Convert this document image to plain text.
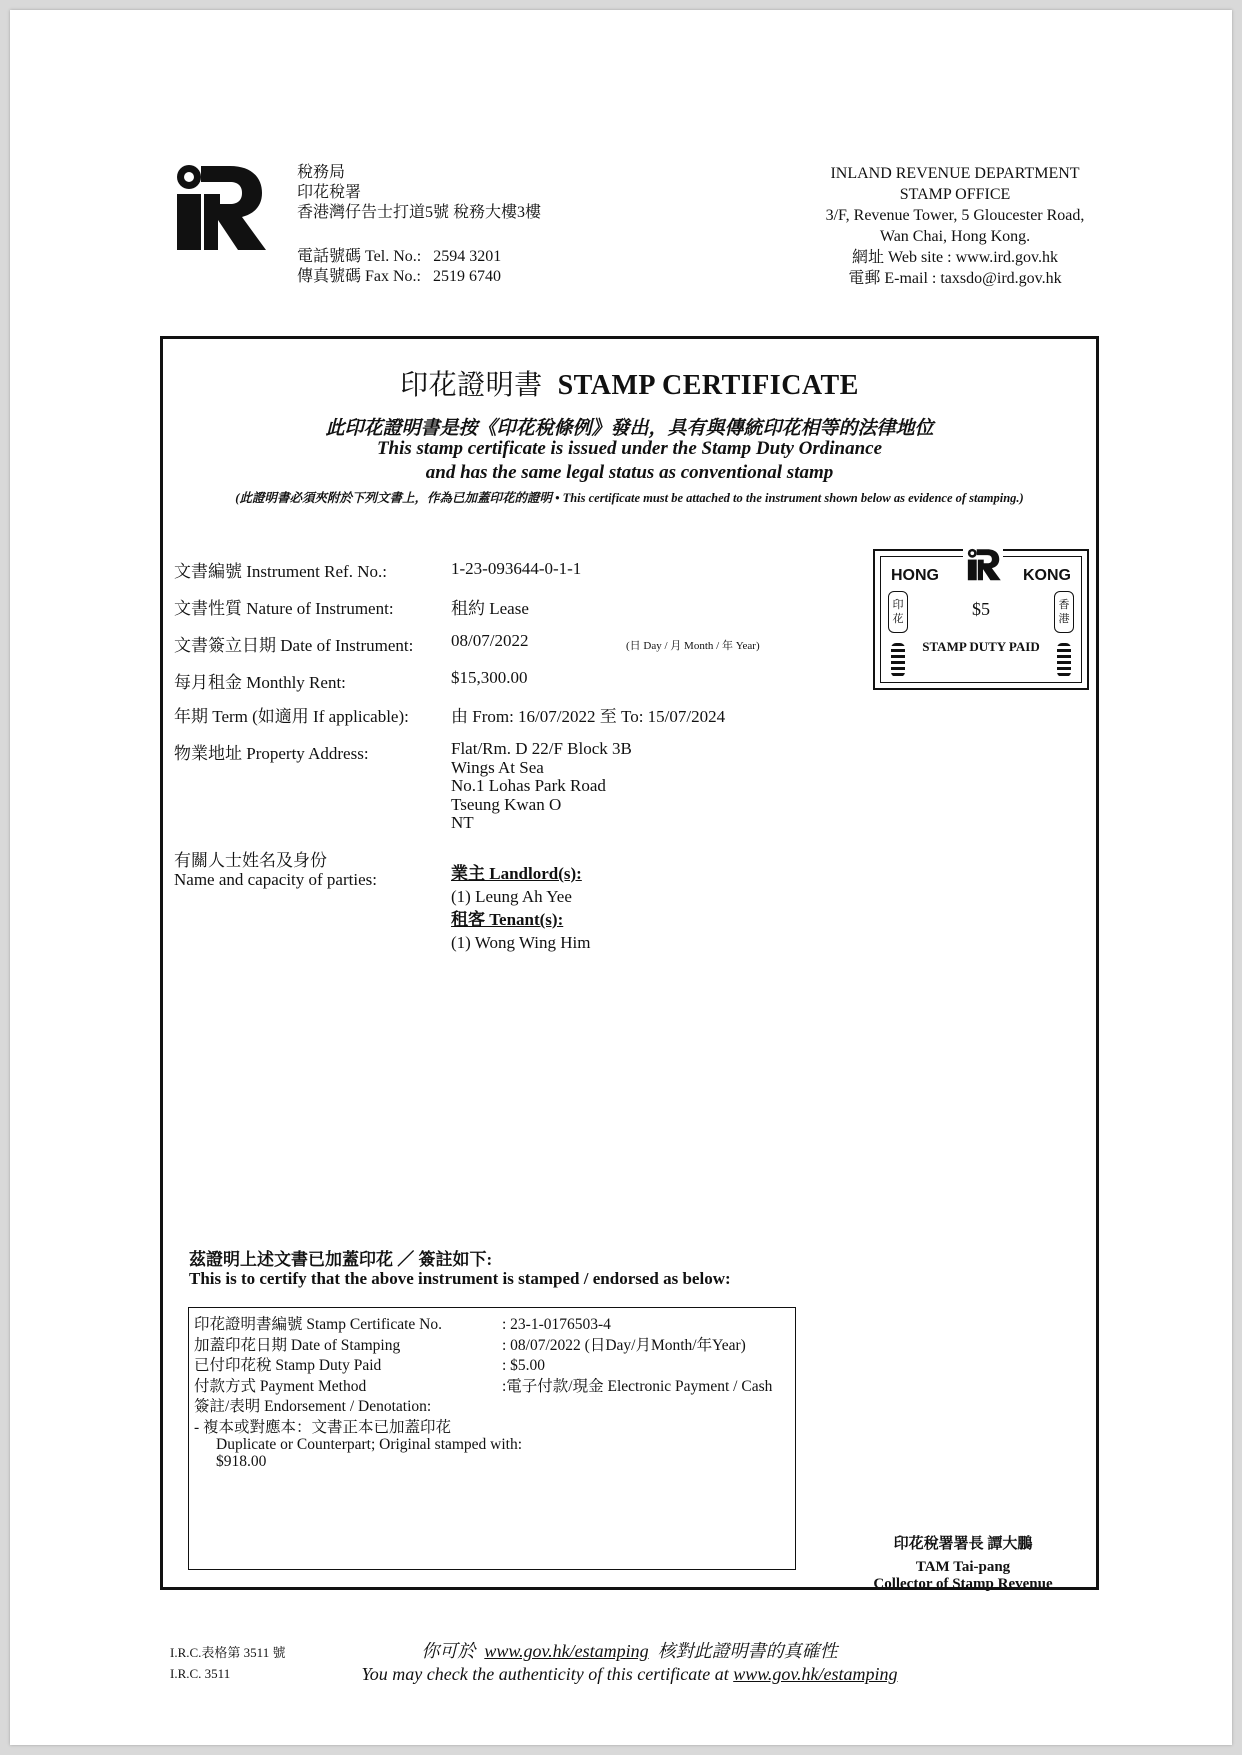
稅務局
印花稅署
香港灣仔告士打道5號 稅務大樓3樓
電話號碼 Tel. No.: 2594 3201
傳真號碼 Fax No.: 2519 6740
INLAND REVENUE DEPARTMENT
STAMP OFFICE
3/F, Revenue Tower, 5 Gloucester Road,
Wan Chai, Hong Kong.
網址 Web site : www.ird.gov.hk
電郵 E-mail : taxsdo@ird.gov.hk
印花證明書 STAMP CERTIFICATE
此印花證明書是按《印花稅條例》發出，具有與傳統印花相等的法律地位
This stamp certificate is issued under the Stamp Duty Ordinance
and has the same legal status as conventional stamp
(此證明書必須夾附於下列文書上，作為已加蓋印花的證明 • This certificate must be attached to the instrument shown below as evidence of stamping.)
文書編號 Instrument Ref. No.:	1-23-093644-0-1-1
文書性質 Nature of Instrument:	租約 Lease
文書簽立日期 Date of Instrument: 08/07/2022	(日 Day / 月 Month / 年 Year)
每月租金 Monthly Rent:	$15,300.00
年期 Term (如適用 If applicable): 由 From: 16/07/2022 至 To: 15/07/2024
物業地址 Property Address:	Flat/Rm. D 22/F Block 3B
Wings At Sea
No.1 Lohas Park Road
Tseung Kwan O
NT
有關人士姓名及身份
Name and capacity of parties:	業主 Landlord(s):
(1) Leung Ah Yee
租客 Tenant(s):
(1) Wong Wing Him
HONG	KONG
印
花
香
港
$5
STAMP DUTY PAID
茲證明上述文書已加蓋印花 ／ 簽註如下:
This is to certify that the above instrument is stamped / endorsed as below:
印花證明書編號 Stamp Certificate No.	: 23-1-0176503-4
加蓋印花日期 Date of Stamping	: 08/07/2022 (日Day/月Month/年Year)
已付印花稅 Stamp Duty Paid	: $5.00
付款方式 Payment Method	:電子付款/現金 Electronic Payment / Cash
簽註/表明 Endorsement / Denotation:
- 複本或對應本：文書正本已加蓋印花
Duplicate or Counterpart; Original stamped with:
$918.00
印花稅署署長 譚大鵬
TAM Tai-pang
Collector of Stamp Revenue
I.R.C.表格第 3511 號
I.R.C. 3511
你可於 www.gov.hk/estamping 核對此證明書的真確性
You may check the authenticity of this certificate at www.gov.hk/estamping
